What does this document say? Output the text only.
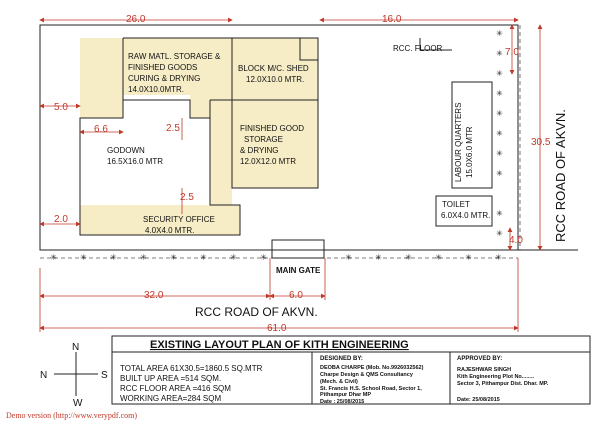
✳	✳	✳	✳	✳	✳	✳	✳	✳	✳	✳	✳	✳	✳
✳
✳
✳
✳
✳
✳
✳
✳
✳
✳
26.0	16.0
7.0
30.5
4.0
5.0
6.6	2.5
2.5
2.0
32.0	6.0
61.0
RAW MATL. STORAGE &
FINISHED GOODS
CURING & DRYING
14.0X10.0MTR.
BLOCK M/C. SHED
12.0X10.0 MTR.
RCC. FLOOR
GODOWN
16.5X16.0 MTR
FINISHED GOOD
STORAGE
& DRYING
12.0X12.0 MTR	LABOUR QUARTERS 15.0X6.0 MTR
TOILET
6.0X4.0 MTR.
SECURITY OFFICE
4.0X4.0 MTR.
MAIN GATE
RCC ROAD OF AKVN.
RCC ROAD OF AKVN.
EXISTING LAYOUT PLAN OF KITH ENGINEERING
TOTAL AREA 61X30.5=1860.5 SQ.MTR
BUILT UP AREA =514 SQM.
RCC FLOOR AREA =416 SQM
WORKING AREA=284 SQM
DESIGNED BY:
DEOBA CHARPE (Mob. No.9926032562)
Charpe Design & QMS Consultancy
(Mech. & Civil)
St. Francis H.S. School Road, Sector 1,
Pithampur Dhar MP
Date : 25/08/2015
APPROVED BY:
RAJESHWAR SINGH
Kith Engineering Plot No........
Sector 3, Pithampur Dist. Dhar. MP.
Date: 25/08/2015
N
N	S
W
Demo version (http://www.verypdf.com)
